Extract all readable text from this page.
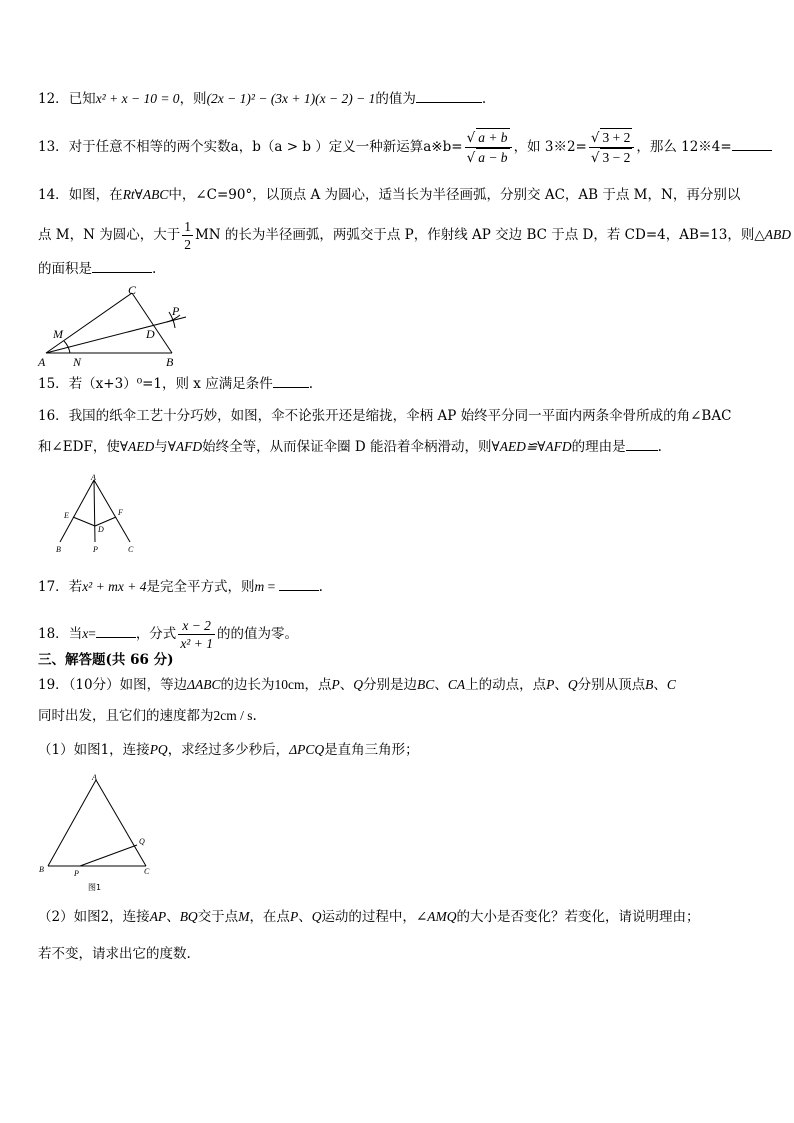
12．已知x² + x − 10 = 0，则(2x − 1)² − (3x + 1)(x − 2) − 1的值为	.
13．对于任意不相等的两个实数a，b（a > b ）定义一种新运算a※b= $\frac{√ a + b}{√ a - b}$ ，如 3※2= $\frac{√ 3 + 2}{√ 3 - 2}$ ，那么 12※4=
14．如图，在Rt∀ABC中，∠C=90°，以顶点 A 为圆心，适当长为半径画弧，分别交 AC，AB 于点 M，N，再分别以
点 M，N 为圆心，大于 $\frac{1}{2}$ MN 的长为半径画弧，两弧交于点 P，作射线 AP 交边 BC 于点 D，若 CD=4，AB=13，则△ABD
的面积是	.
C
M	D
P
A N	B
15．若（x+3）⁰=1，则 x 应满足条件	.
16．我国的纸伞工艺十分巧妙，如图，伞不论张开还是缩拢，伞柄 AP 始终平分同一平面内两条伞骨所成的角∠BAC
和∠EDF，使∀AED与∀AFD始终全等，从而保证伞圈 D 能沿着伞柄滑动，则∀AED≌∀AFD的理由是 .
A
E	F
D
B	P	C
17．若x² + mx + 4是完全平方式，则m =	.
18．当x=	，分式 $\frac{x - 2}{\text{x² + 1}}$ 的的值为零。
三、解答题(共 66 分)
19．（10分）如图，等边ΔABC的边长为10cm，点P、Q分别是边BC、CA上的动点，点P、Q分别从顶点B、C
同时出发，且它们的速度都为2cm / s.
（1）如图1，连接PQ，求经过多少秒后，ΔPCQ是直角三角形；
A
Q
B	P	C
图1
（2）如图2，连接AP、BQ交于点M，在点P、Q运动的过程中，∠AMQ的大小是否变化？若变化，请说明理由；
若不变，请求出它的度数.
